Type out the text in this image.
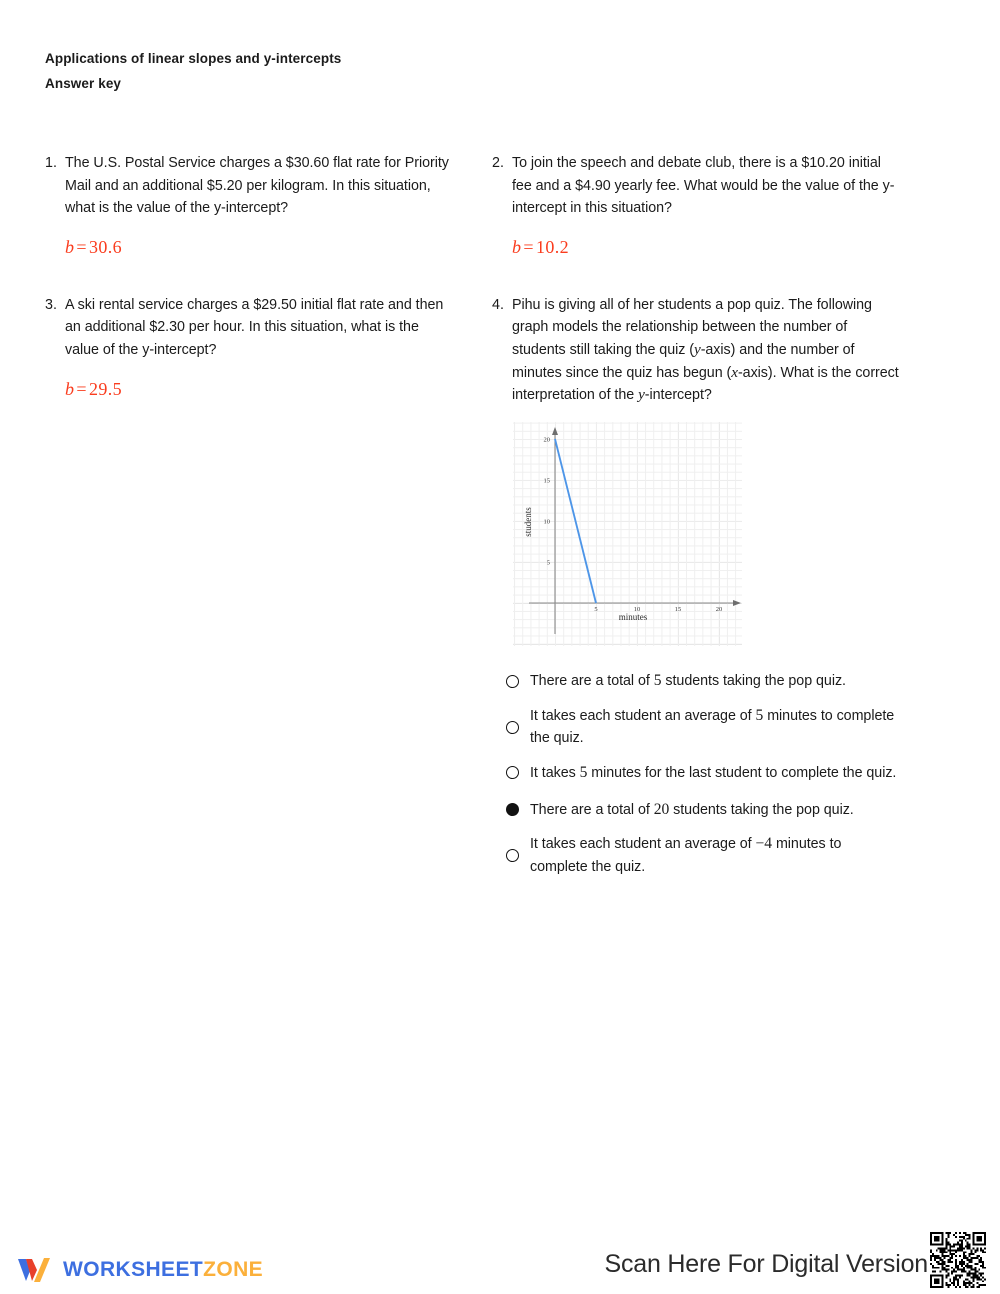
Applications of linear slopes and y-intercepts
Answer key
1. The U.S. Postal Service charges a $30.60 flat rate for Priority Mail and an additional $5.20 per kilogram. In this situation, what is the value of the y-intercept?
b = 30.6
3. A ski rental service charges a $29.50 initial flat rate and then an additional $2.30 per hour. In this situation, what is the value of the y-intercept?
b = 29.5
2. To join the speech and debate club, there is a $10.20 initial fee and a $4.90 yearly fee. What would be the value of the y-intercept in this situation?
b = 10.2
4. Pihu is giving all of her students a pop quiz. The following graph models the relationship between the number of students still taking the quiz (y-axis) and the number of minutes since the quiz has begun (x-axis). What is the correct interpretation of the y-intercept?
5	10	15	20
5
10
15
20
minutes
students
There are a total of 5 students taking the pop quiz.
It takes each student an average of 5 minutes to complete the quiz.
It takes 5 minutes for the last student to complete the quiz.
There are a total of 20 students taking the pop quiz.
It takes each student an average of −4 minutes to complete the quiz.
WORKSHEETZONE	Scan Here For Digital Version
